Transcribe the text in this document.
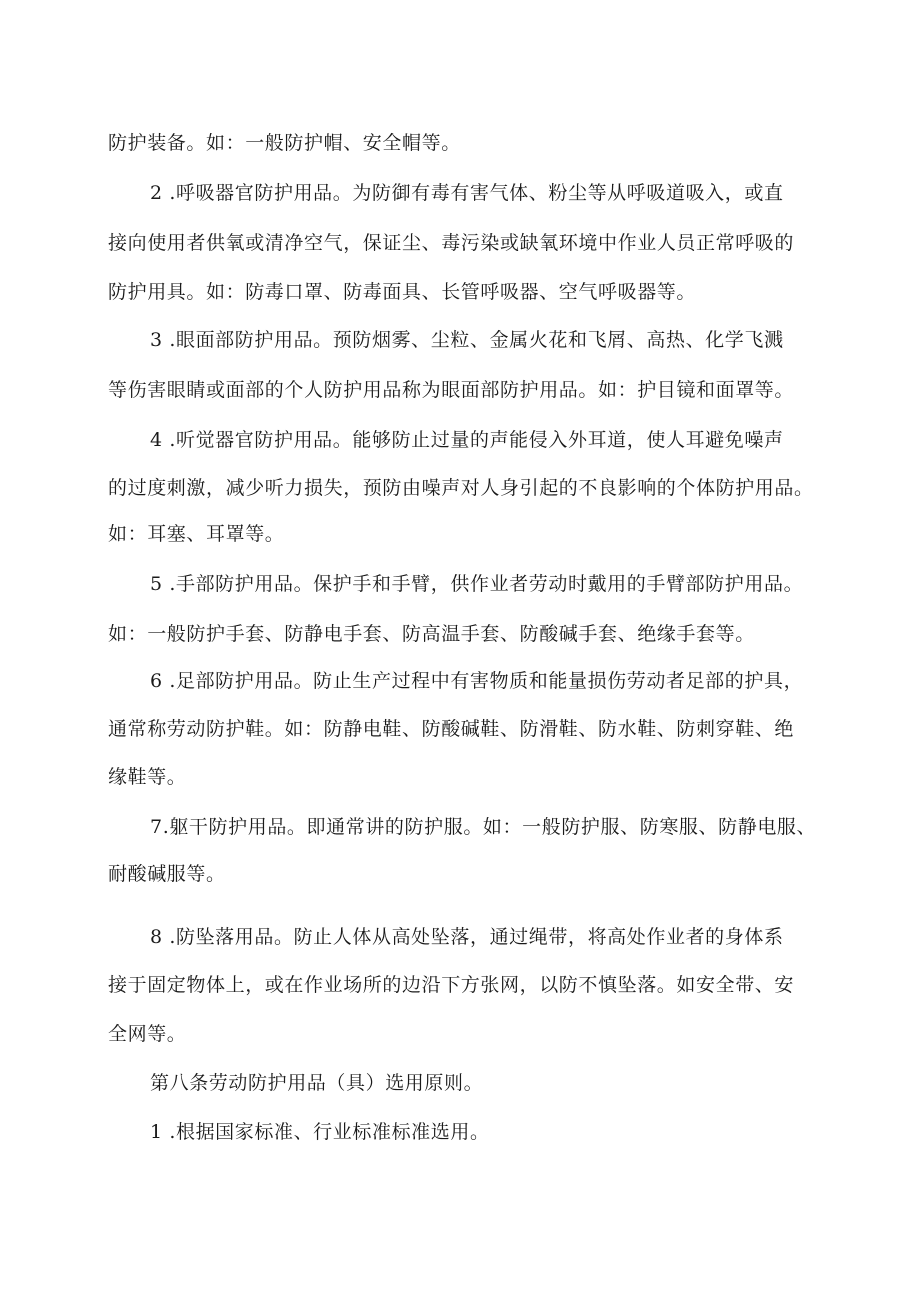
防护装备。如：一般防护帽、安全帽等。
2 .呼吸器官防护用品。为防御有毒有害气体、粉尘等从呼吸道吸入，或直
接向使用者供氧或清净空气，保证尘、毒污染或缺氧环境中作业人员正常呼吸的
防护用具。如：防毒口罩、防毒面具、长管呼吸器、空气呼吸器等。
3 .眼面部防护用品。预防烟雾、尘粒、金属火花和飞屑、高热、化学飞溅
等伤害眼睛或面部的个人防护用品称为眼面部防护用品。如：护目镜和面罩等。
4 .听觉器官防护用品。能够防止过量的声能侵入外耳道，使人耳避免噪声
的过度刺激，减少听力损失，预防由噪声对人身引起的不良影响的个体防护用品。
如：耳塞、耳罩等。
5 .手部防护用品。保护手和手臂，供作业者劳动时戴用的手臂部防护用品。
如：一般防护手套、防静电手套、防高温手套、防酸碱手套、绝缘手套等。
6 .足部防护用品。防止生产过程中有害物质和能量损伤劳动者足部的护具，
通常称劳动防护鞋。如：防静电鞋、防酸碱鞋、防滑鞋、防水鞋、防刺穿鞋、绝
缘鞋等。
7.躯干防护用品。即通常讲的防护服。如：一般防护服、防寒服、防静电服、
耐酸碱服等。
8 .防坠落用品。防止人体从高处坠落，通过绳带，将高处作业者的身体系
接于固定物体上，或在作业场所的边沿下方张网，以防不慎坠落。如安全带、安
全网等。
第八条劳动防护用品（具）选用原则。
1 .根据国家标准、行业标准标准选用。
